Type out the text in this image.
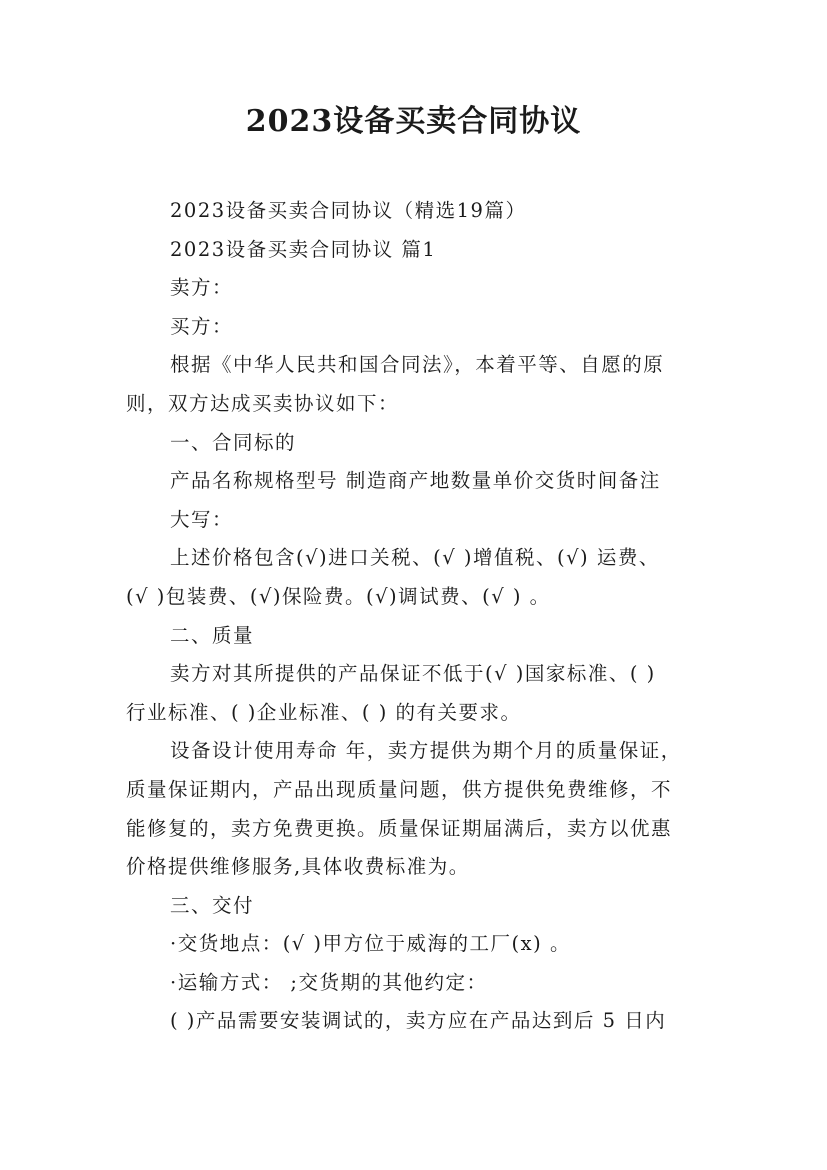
2023设备买卖合同协议

2023设备买卖合同协议（精选19篇）

2023设备买卖合同协议 篇1

卖方：

买方：

根据《中华人民共和国合同法》，本着平等、自愿的原

则，双方达成买卖协议如下：

一、合同标的

产品名称规格型号 制造商产地数量单价交货时间备注

大写：

上述价格包含(√)进口关税、(√ )增值税、(√) 运费、

(√ )包装费、(√)保险费。(√)调试费、(√ ) 。

二、质量

卖方对其所提供的产品保证不低于(√ )国家标准、( )

行业标准、( )企业标准、( ) 的有关要求。

设备设计使用寿命 年，卖方提供为期个月的质量保证，

质量保证期内，产品出现质量问题，供方提供免费维修，不

能修复的，卖方免费更换。质量保证期届满后，卖方以优惠

价格提供维修服务,具体收费标准为。

三、交付

·交货地点：(√ )甲方位于威海的工厂(x) 。

·运输方式： ;交货期的其他约定：

( )产品需要安装调试的，卖方应在产品达到后 5 日内
